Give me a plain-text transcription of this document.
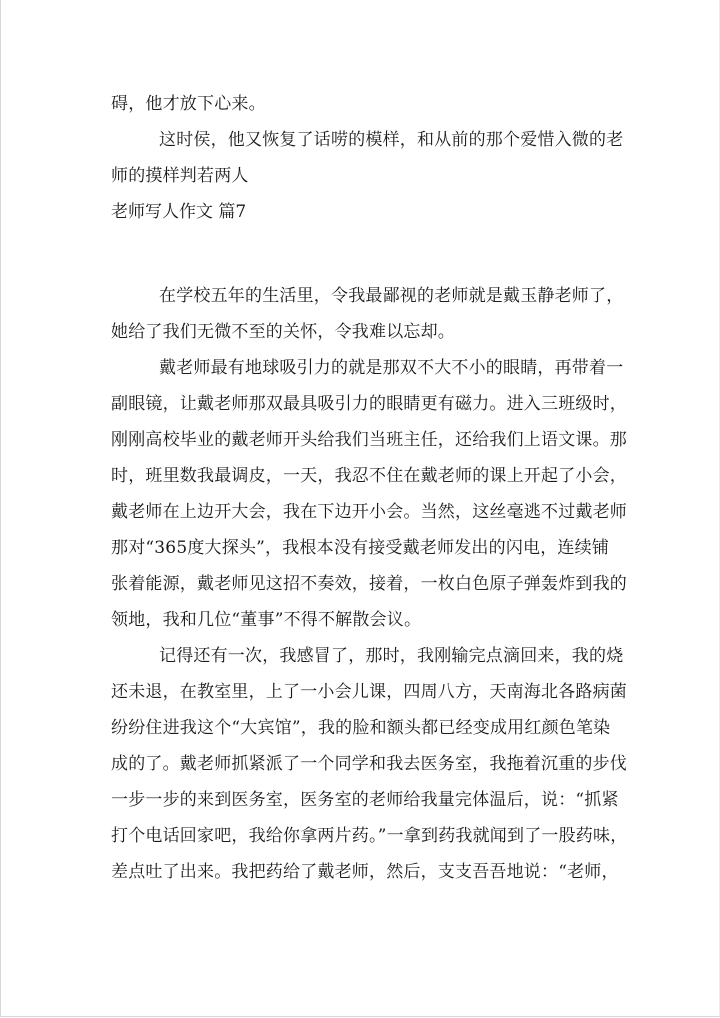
碍，他才放下心来。
这时侯，他又恢复了话唠的模样，和从前的那个爱惜入微的老
师的摸样判若两人
老师写人作文 篇7
在学校五年的生活里，令我最鄙视的老师就是戴玉静老师了，
她给了我们无微不至的关怀，令我难以忘却。
戴老师最有地球吸引力的就是那双不大不小的眼睛，再带着一
副眼镜，让戴老师那双最具吸引力的眼睛更有磁力。进入三班级时，
刚刚高校毕业的戴老师开头给我们当班主任，还给我们上语文课。那
时，班里数我最调皮，一天，我忍不住在戴老师的课上开起了小会，
戴老师在上边开大会，我在下边开小会。当然，这丝毫逃不过戴老师
那对“365度大探头”，我根本没有接受戴老师发出的闪电，连续铺
张着能源，戴老师见这招不奏效，接着，一枚白色原子弹轰炸到我的
领地，我和几位“董事”不得不解散会议。
记得还有一次，我感冒了，那时，我刚输完点滴回来，我的烧
还未退，在教室里，上了一小会儿课，四周八方，天南海北各路病菌
纷纷住进我这个“大宾馆”，我的脸和额头都已经变成用红颜色笔染
成的了。戴老师抓紧派了一个同学和我去医务室，我拖着沉重的步伐
一步一步的来到医务室，医务室的老师给我量完体温后，说：“抓紧
打个电话回家吧，我给你拿两片药。”一拿到药我就闻到了一股药味，
差点吐了出来。我把药给了戴老师，然后，支支吾吾地说：“老师，
